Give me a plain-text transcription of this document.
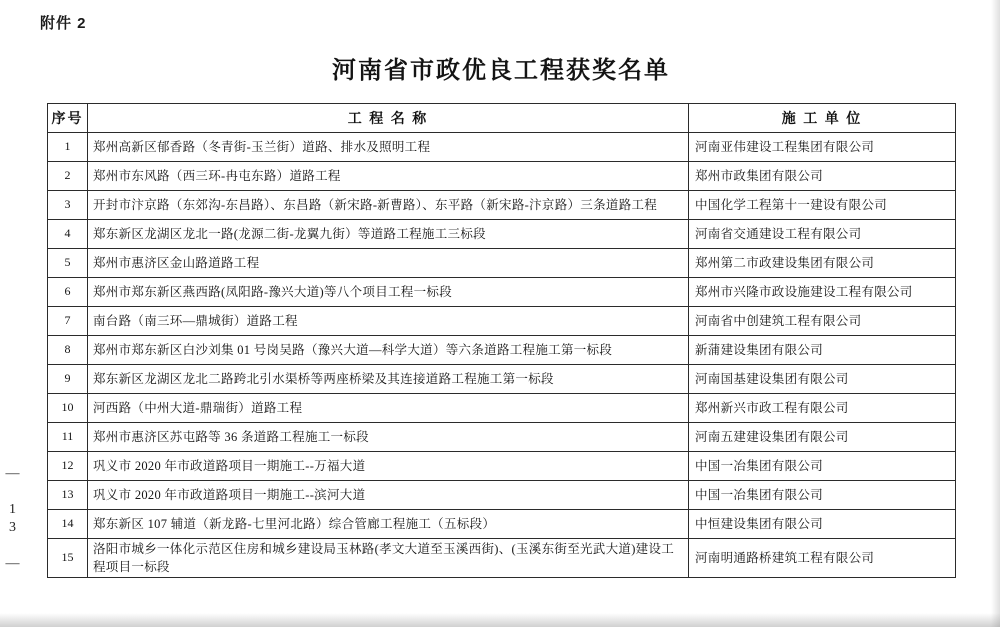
附件 2
河南省市政优良工程获奖名单
序号	工 程 名 称	施 工 单 位
1	郑州高新区郁香路（冬青街-玉兰街）道路、排水及照明工程	河南亚伟建设工程集团有限公司
2	郑州市东风路（西三环-冉屯东路）道路工程	郑州市政集团有限公司
3	开封市汴京路（东郊沟-东昌路）、东昌路（新宋路-新曹路）、东平路（新宋路-汴京路）三条道路工程	中国化学工程第十一建设有限公司
4	郑东新区龙湖区龙北一路(龙源二街-龙翼九街）等道路工程施工三标段	河南省交通建设工程有限公司
5	郑州市惠济区金山路道路工程	郑州第二市政建设集团有限公司
6	郑州市郑东新区燕西路(凤阳路-豫兴大道)等八个项目工程一标段	郑州市兴隆市政设施建设工程有限公司
7	南台路（南三环—鼎城街）道路工程	河南省中创建筑工程有限公司
8	郑州市郑东新区白沙刘集 01 号岗吴路（豫兴大道—科学大道）等六条道路工程施工第一标段	新蒲建设集团有限公司
9	郑东新区龙湖区龙北二路跨北引水渠桥等两座桥梁及其连接道路工程施工第一标段	河南国基建设集团有限公司
10	河西路（中州大道-鼎瑞街）道路工程	郑州新兴市政工程有限公司
11	郑州市惠济区苏屯路等 36 条道路工程施工一标段	河南五建建设集团有限公司
12	巩义市 2020 年市政道路项目一期施工--万福大道	中国一冶集团有限公司
13	巩义市 2020 年市政道路项目一期施工--滨河大道	中国一冶集团有限公司
14	郑东新区 107 辅道（新龙路-七里河北路）综合管廊工程施工（五标段）	中恒建设集团有限公司
15	洛阳市城乡一体化示范区住房和城乡建设局玉林路(孝文大道至玉溪西街)、(玉溪东街至光武大道)建设工程项目一标段	河南明通路桥建筑工程有限公司
— 13 —
